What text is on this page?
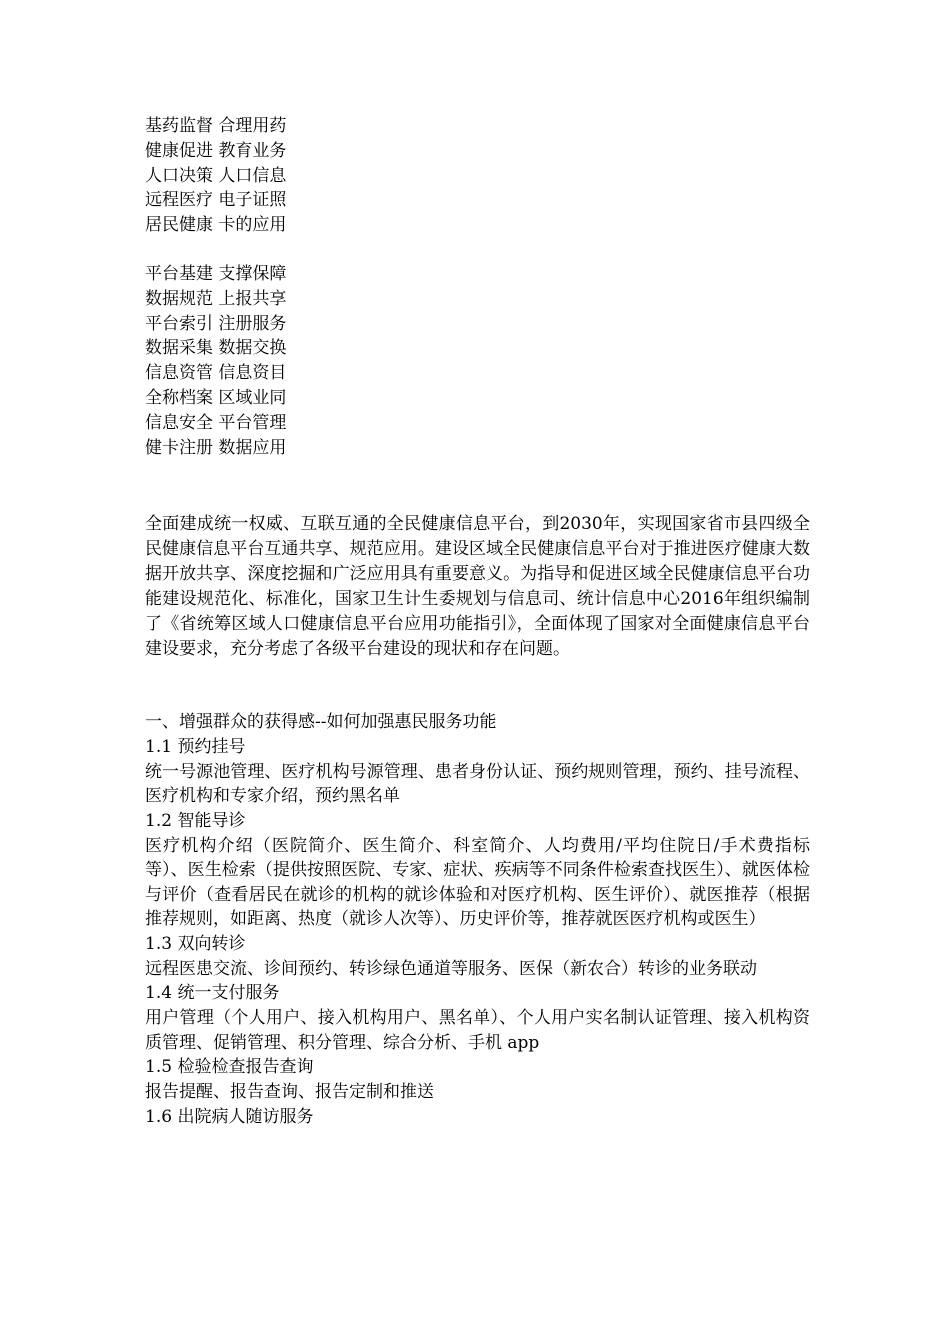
基药监督 合理用药
健康促进 教育业务
人口决策 人口信息
远程医疗 电子证照
居民健康 卡的应用
平台基建 支撑保障
数据规范 上报共享
平台索引 注册服务
数据采集 数据交换
信息资管 信息资目
全称档案 区域业同
信息安全 平台管理
健卡注册 数据应用
全面建成统一权威、互联互通的全民健康信息平台，到2030年，实现国家省市县四级全民健康信息平台互通共享、规范应用。建设区域全民健康信息平台对于推进医疗健康大数据开放共享、深度挖掘和广泛应用具有重要意义。为指导和促进区域全民健康信息平台功能建设规范化、标准化，国家卫生计生委规划与信息司、统计信息中心2016年组织编制了《省统筹区域人口健康信息平台应用功能指引》，全面体现了国家对全面健康信息平台建设要求，充分考虑了各级平台建设的现状和存在问题。
一、增强群众的获得感--如何加强惠民服务功能
1.1 预约挂号
统一号源池管理、医疗机构号源管理、患者身份认证、预约规则管理，预约、挂号流程、医疗机构和专家介绍，预约黑名单
1.2 智能导诊
医疗机构介绍（医院简介、医生简介、科室简介、人均费用/平均住院日/手术费指标等）、医生检索（提供按照医院、专家、症状、疾病等不同条件检索查找医生）、就医体检与评价（查看居民在就诊的机构的就诊体验和对医疗机构、医生评价）、就医推荐（根据推荐规则，如距离、热度（就诊人次等）、历史评价等，推荐就医医疗机构或医生）
1.3 双向转诊
远程医患交流、诊间预约、转诊绿色通道等服务、医保（新农合）转诊的业务联动
1.4 统一支付服务
用户管理（个人用户、接入机构用户、黑名单）、个人用户实名制认证管理、接入机构资质管理、促销管理、积分管理、综合分析、手机 app
1.5 检验检查报告查询
报告提醒、报告查询、报告定制和推送
1.6 出院病人随访服务
